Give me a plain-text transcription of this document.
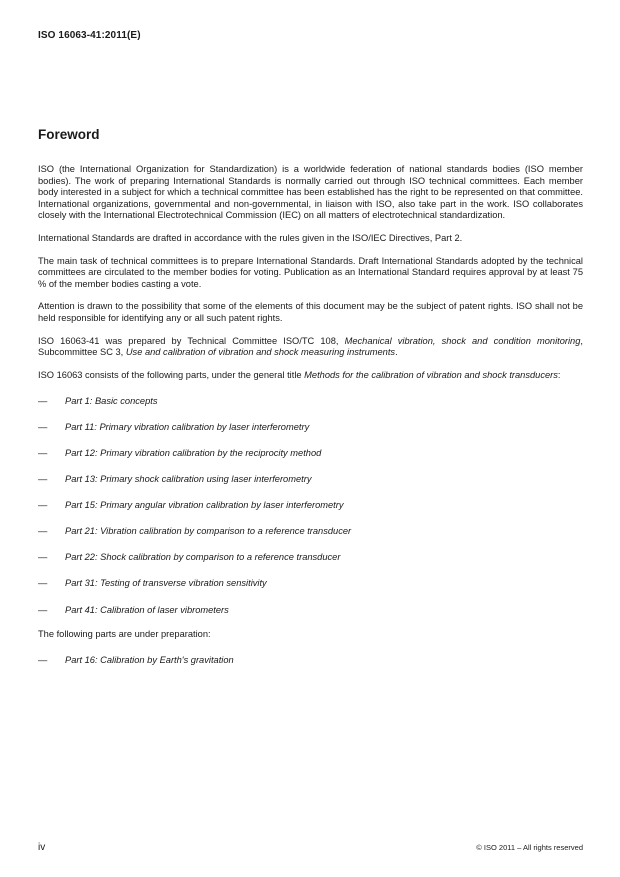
ISO 16063-41:2011(E)
Foreword

ISO (the International Organization for Standardization) is a worldwide federation of national standards bodies (ISO member bodies). The work of preparing International Standards is normally carried out through ISO technical committees. Each member body interested in a subject for which a technical committee has been established has the right to be represented on that committee. International organizations, governmental and non-governmental, in liaison with ISO, also take part in the work. ISO collaborates closely with the International Electrotechnical Commission (IEC) on all matters of electrotechnical standardization.

International Standards are drafted in accordance with the rules given in the ISO/IEC Directives, Part 2.

The main task of technical committees is to prepare International Standards. Draft International Standards adopted by the technical committees are circulated to the member bodies for voting. Publication as an International Standard requires approval by at least 75 % of the member bodies casting a vote.

Attention is drawn to the possibility that some of the elements of this document may be the subject of patent rights. ISO shall not be held responsible for identifying any or all such patent rights.

ISO 16063-41 was prepared by Technical Committee ISO/TC 108, Mechanical vibration, shock and condition monitoring, Subcommittee SC 3, Use and calibration of vibration and shock measuring instruments.

ISO 16063 consists of the following parts, under the general title Methods for the calibration of vibration and shock transducers:

—	Part 1: Basic concepts
—	Part 11: Primary vibration calibration by laser interferometry
—	Part 12: Primary vibration calibration by the reciprocity method
—	Part 13: Primary shock calibration using laser interferometry
—	Part 15: Primary angular vibration calibration by laser interferometry
—	Part 21: Vibration calibration by comparison to a reference transducer
—	Part 22: Shock calibration by comparison to a reference transducer
—	Part 31: Testing of transverse vibration sensitivity
—	Part 41: Calibration of laser vibrometers
The following parts are under preparation:
—	Part 16: Calibration by Earth's gravitation
iv	© ISO 2011 – All rights reserved
